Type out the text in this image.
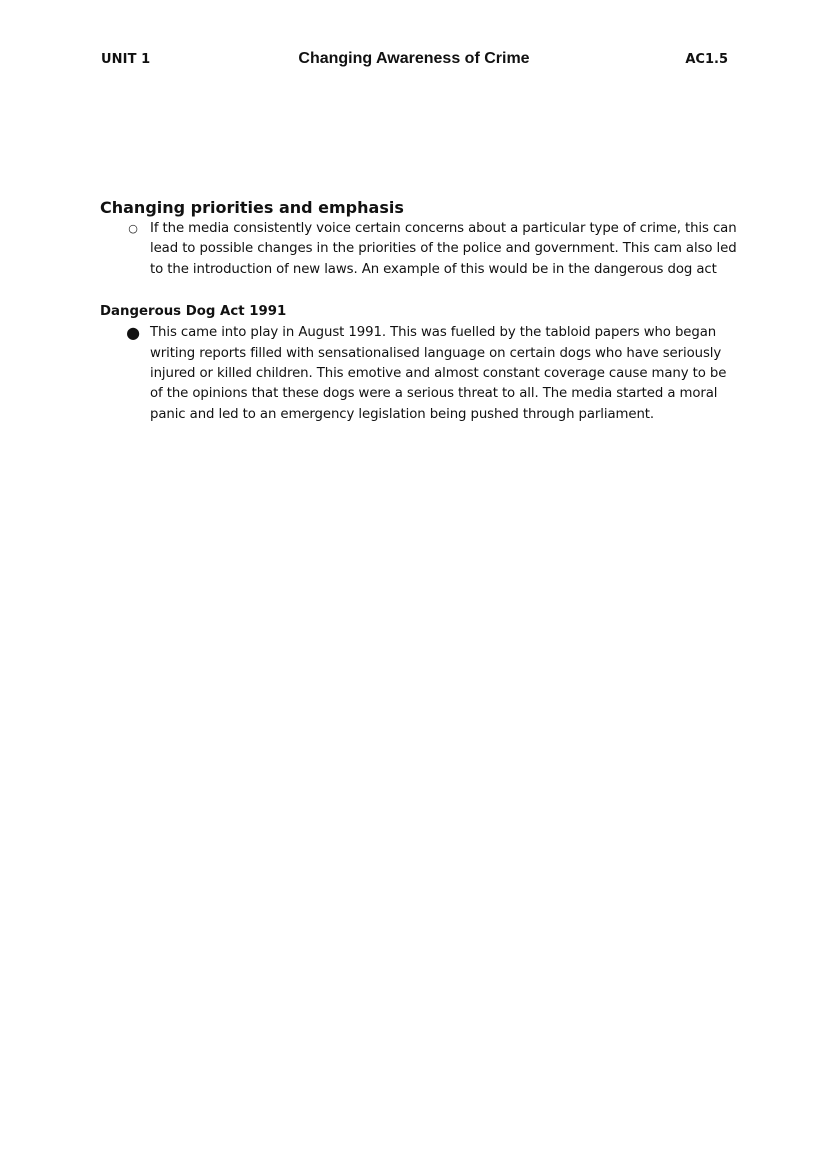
UNIT 1	Changing Awareness of Crime	AC1.5
Changing priorities and emphasis
○ If the media consistently voice certain concerns about a particular type of crime, this can lead to possible changes in the priorities of the police and government. This cam also led to the introduction of new laws. An example of this would be in the dangerous dog act
Dangerous Dog Act 1991
● This came into play in August 1991. This was fuelled by the tabloid papers who began writing reports filled with sensationalised language on certain dogs who have seriously injured or killed children. This emotive and almost constant coverage cause many to be of the opinions that these dogs were a serious threat to all. The media started a moral panic and led to an emergency legislation being pushed through parliament.
